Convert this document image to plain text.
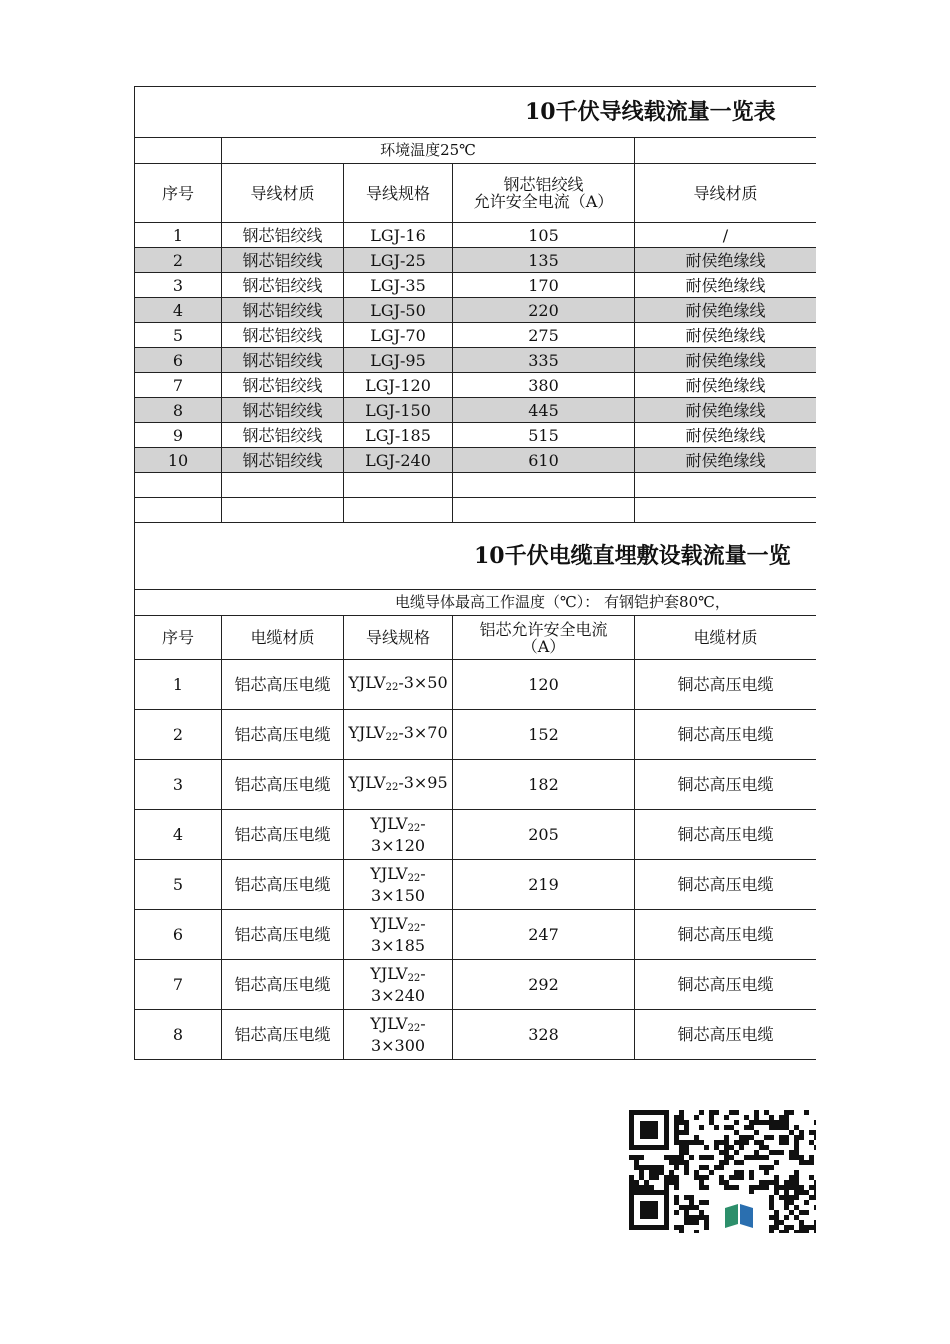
10千伏导线载流量一览表					
	环境温度25℃				
序号	导线材质	导线规格	钢芯铝绞线
允许安全电流（A）	导线材质	
1	钢芯铝绞线	LGJ-16	105	/	
2	钢芯铝绞线	LGJ-25	135	耐侯绝缘线	
3	钢芯铝绞线	LGJ-35	170	耐侯绝缘线	
4	钢芯铝绞线	LGJ-50	220	耐侯绝缘线	
5	钢芯铝绞线	LGJ-70	275	耐侯绝缘线	
6	钢芯铝绞线	LGJ-95	335	耐侯绝缘线	
7	钢芯铝绞线	LGJ-120	380	耐侯绝缘线	
8	钢芯铝绞线	LGJ-150	445	耐侯绝缘线	
9	钢芯铝绞线	LGJ-185	515	耐侯绝缘线	
10	钢芯铝绞线	LGJ-240	610	耐侯绝缘线	

10千伏电缆直埋敷设载流量一览					
电缆导体最高工作温度（℃）： 有钢铠护套80℃，					
序号	电缆材质	导线规格	铝芯允许安全电流
（A）	电缆材质	
1	铝芯高压电缆	$YJLV_{22}-3\times 50$	120	铜芯高压电缆	
2	铝芯高压电缆	$YJLV_{22}-3\times 70$	152	铜芯高压电缆	
3	铝芯高压电缆	$YJLV_{22}-3\times 95$	182	铜芯高压电缆	
4	铝芯高压电缆	$YJLV_{22}-$
3×120	205	铜芯高压电缆	
5	铝芯高压电缆	$YJLV_{22}-$
3×150	219	铜芯高压电缆	
6	铝芯高压电缆	$YJLV_{22}-$
3×185	247	铜芯高压电缆	
7	铝芯高压电缆	$YJLV_{22}-$
3×240	292	铜芯高压电缆	
8	铝芯高压电缆	$YJLV_{22}-$
3×300	328	铜芯高压电缆	
